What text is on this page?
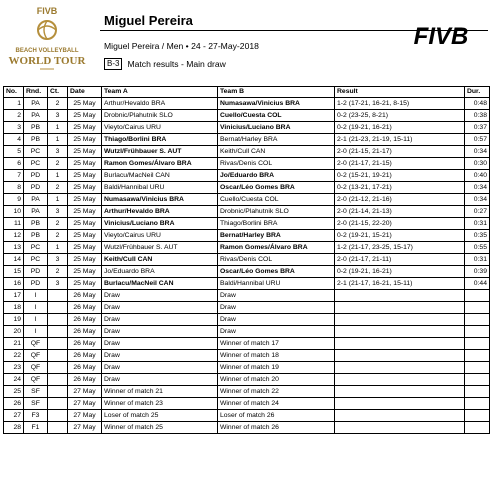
FIVB
BEACH VOLLEYBALL
WORLD TOUR
Miguel Pereira
Miguel Pereira / Men • 24 - 27-May-2018
B-3 Match results - Main draw
FIVB
No.	Rnd.	Ct.	Date	Team A	Team B	Result	Dur.
1	PA	2	25 May	Arthur/Hevaldo BRA	Numasawa/Vinicius BRA	1-2 (17-21, 16-21, 8-15)	0:48
2	PA	3	25 May	Drobnic/Plahutnik SLO	Cuello/Cuesta COL	0-2 (23-25, 8-21)	0:38
3	PB	1	25 May	Vieyto/Cairus URU	Vinicius/Luciano BRA	0-2 (19-21, 16-21)	0:37
4	PB	1	25 May	Thiago/Borlini BRA	Bernat/Harley BRA	2-1 (21-23, 21-19, 15-11)	0:57
5	PC	3	25 May	Wutzl/Frühbauer S. AUT	Keith/Cull CAN	2-0 (21-15, 21-17)	0:34
6	PC	2	25 May	Ramon Gomes/Álvaro BRA	Rivas/Denis COL	2-0 (21-17, 21-15)	0:30
7	PD	1	25 May	Burlacu/MacNeil CAN	Jo/Eduardo BRA	0-2 (15-21, 19-21)	0:40
8	PD	2	25 May	Baldi/Hannibal URU	Oscar/Léo Gomes BRA	0-2 (13-21, 17-21)	0:34
9	PA	1	25 May	Numasawa/Vinicius BRA	Cuello/Cuesta COL	2-0 (21-12, 21-16)	0:34
10	PA	3	25 May	Arthur/Hevaldo BRA	Drobnic/Plahutnik SLO	2-0 (21-14, 21-13)	0:27
11	PB	2	25 May	Vinicius/Luciano BRA	Thiago/Borlini BRA	2-0 (21-15, 22-20)	0:31
12	PB	2	25 May	Vieyto/Cairus URU	Bernat/Harley BRA	0-2 (19-21, 15-21)	0:35
13	PC	1	25 May	Wutzl/Frühbauer S. AUT	Ramon Gomes/Álvaro BRA	1-2 (21-17, 23-25, 15-17)	0:55
14	PC	3	25 May	Keith/Cull CAN	Rivas/Denis COL	2-0 (21-17, 21-11)	0:31
15	PD	2	25 May	Jo/Eduardo BRA	Oscar/Léo Gomes BRA	0-2 (19-21, 16-21)	0:39
16	PD	3	25 May	Burlacu/MacNeil CAN	Baldi/Hannibal URU	2-1 (21-17, 16-21, 15-11)	0:44
17	I		26 May	Draw	Draw		
18	I		26 May	Draw	Draw		
19	I		26 May	Draw	Draw		
20	I		26 May	Draw	Draw		
21	QF		26 May	Draw	Winner of match 17		
22	QF		26 May	Draw	Winner of match 18		
23	QF		26 May	Draw	Winner of match 19		
24	QF		26 May	Draw	Winner of match 20		
25	SF		27 May	Winner of match 21	Winner of match 22		
26	SF		27 May	Winner of match 23	Winner of match 24		
27	F3		27 May	Loser of match 25	Loser of match 26		
28	F1		27 May	Winner of match 25	Winner of match 26		
